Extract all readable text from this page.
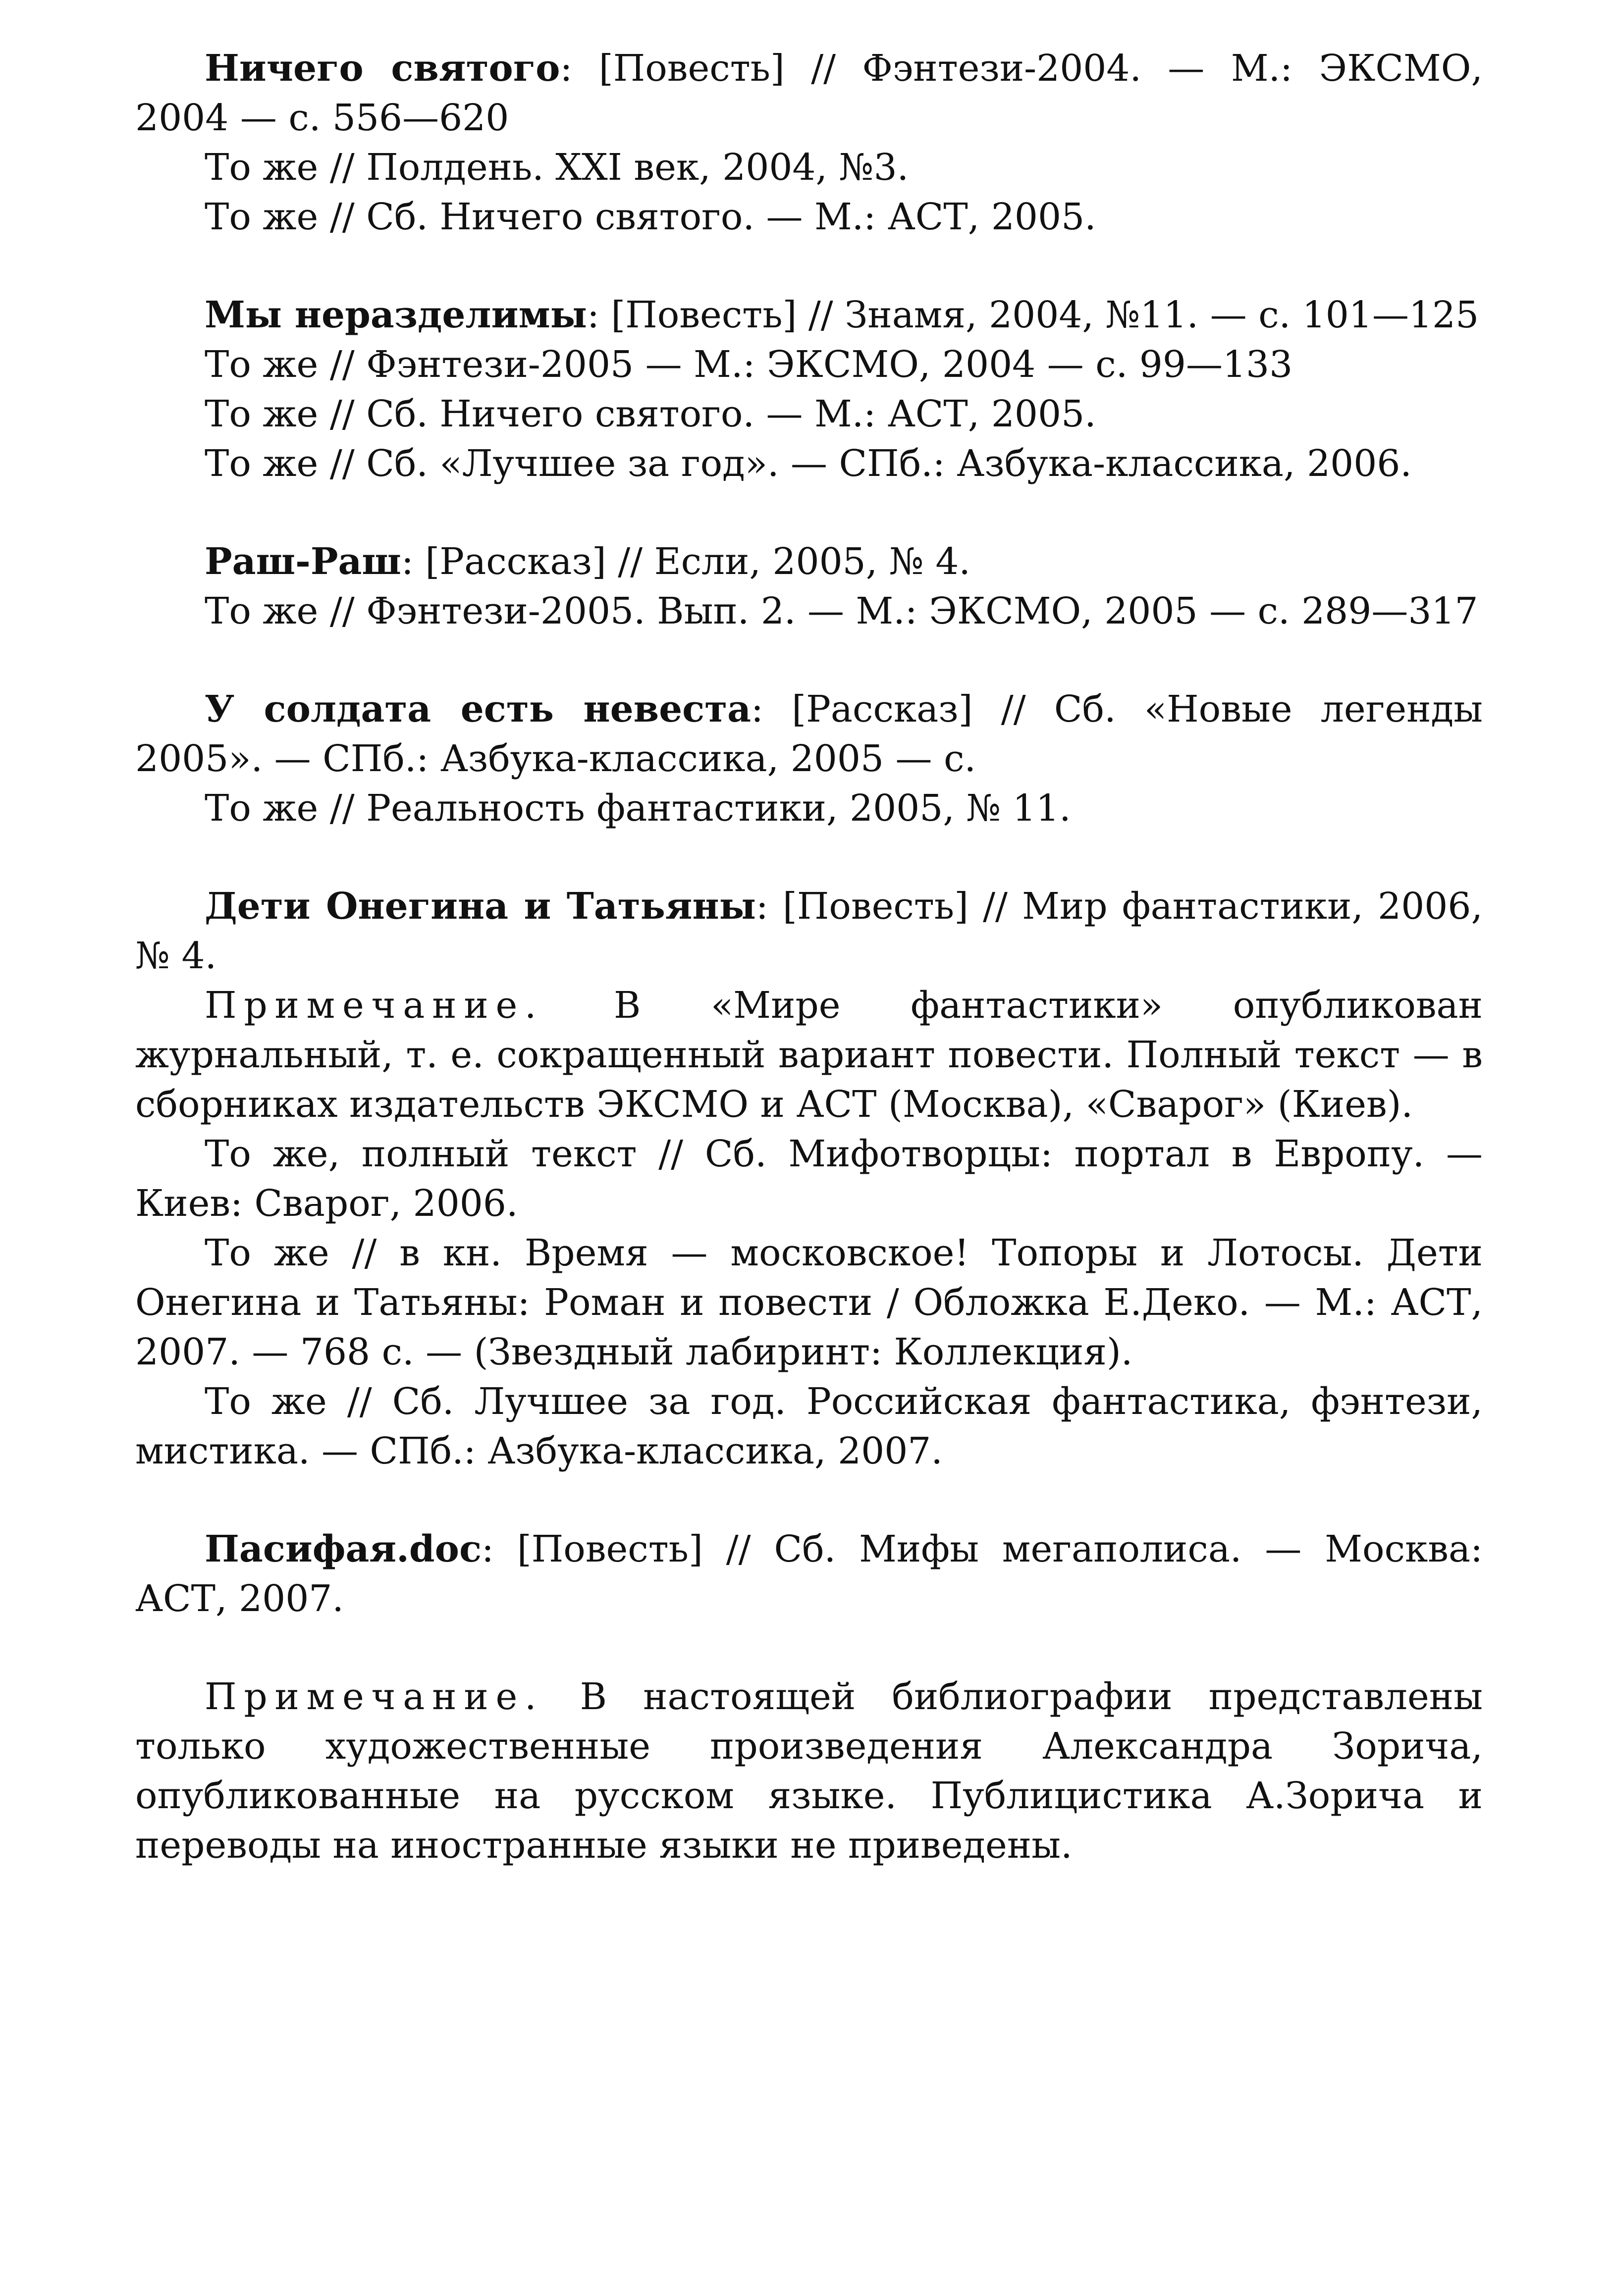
Ничего святого: [Повесть] // Фэнтези-2004. — М.: ЭКСМО, 2004 — с. 556—620

То же // Полдень. XXI век, 2004, №3.

То же // Сб. Ничего святого. — М.: АСТ, 2005.

Мы неразделимы: [Повесть] // Знамя, 2004, №11. — с. 101—125

То же // Фэнтези-2005 — М.: ЭКСМО, 2004 — с. 99—133

То же // Сб. Ничего святого. — М.: АСТ, 2005.

То же // Сб. «Лучшее за год». — СПб.: Азбука-классика, 2006.

Раш-Раш: [Рассказ] // Если, 2005, № 4.

То же // Фэнтези-2005. Вып. 2. — М.: ЭКСМО, 2005 — с. 289—317

У солдата есть невеста: [Рассказ] // Сб. «Новые легенды 2005». — СПб.: Азбука-классика, 2005 — с.

То же // Реальность фантастики, 2005, № 11.

Дети Онегина и Татьяны: [Повесть] // Мир фантастики, 2006, № 4.

Примечание. В «Мире фантастики» опубликован журнальный, т. е. сокращенный вариант повести. Полный текст — в сборниках издательств ЭКСМО и АСТ (Москва), «Сварог» (Киев).

То же, полный текст // Сб. Мифотворцы: портал в Европу. — Киев: Сварог, 2006.

То же // в кн. Время — московское! Топоры и Лотосы. Дети Онегина и Татьяны: Роман и повести / Обложка Е.Деко. — М.: АСТ, 2007. — 768 с. — (Звездный лабиринт: Коллекция).

То же // Сб. Лучшее за год. Российская фантастика, фэнтези, мистика. — СПб.: Азбука-классика, 2007.

Пасифая.doc: [Повесть] // Сб. Мифы мегаполиса. — Москва: АСТ, 2007.

Примечание. В настоящей библиографии представлены только художественные произведения Александра Зорича, опубликованные на русском языке. Публицистика А.Зорича и переводы на иностранные языки не приведены.
